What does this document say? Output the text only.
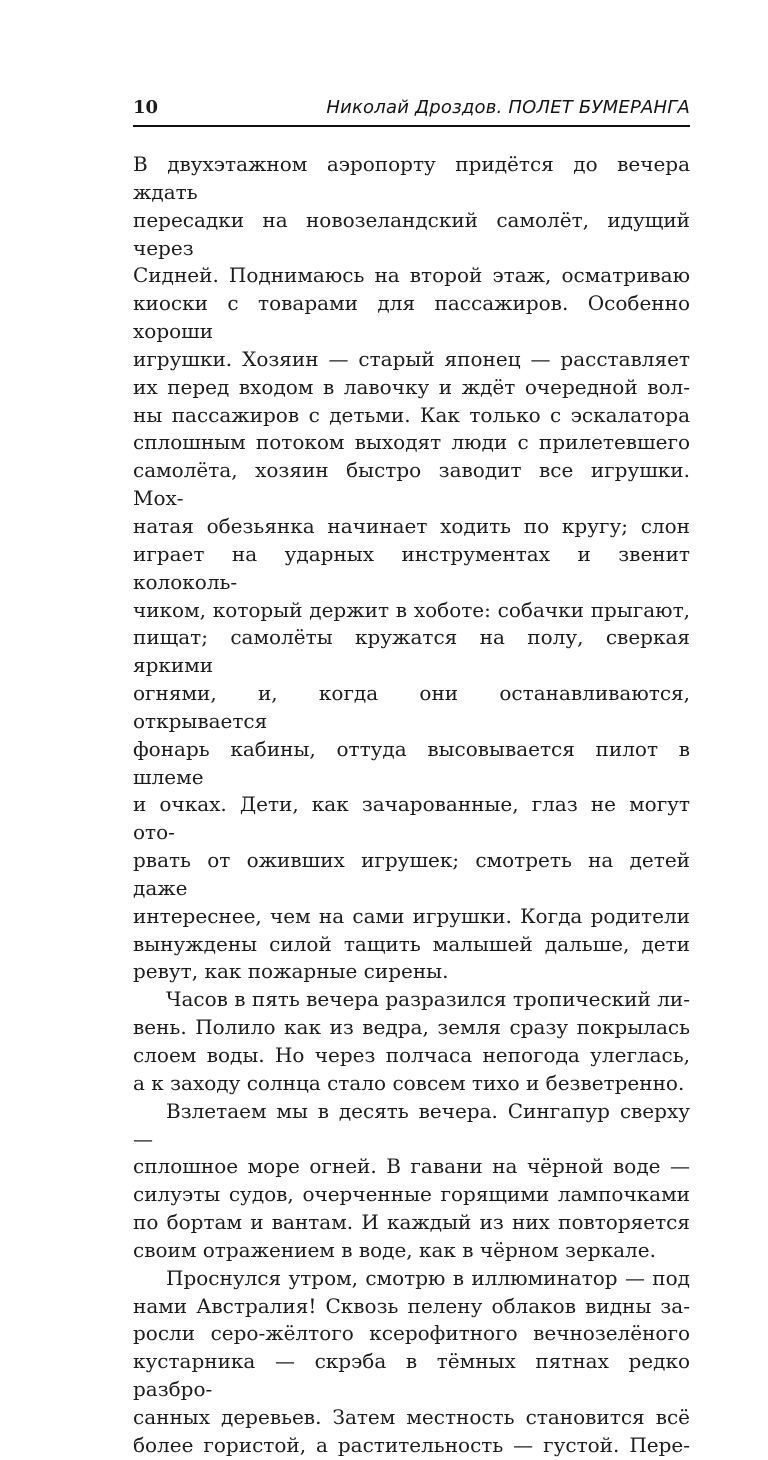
10	Николай Дроздов. ПОЛЕТ БУМЕРАНГА
В двухэтажном аэропорту придётся до вечера ждать
пересадки на новозеландский самолёт, идущий через
Сидней. Поднимаюсь на второй этаж, осматриваю
киоски с товарами для пассажиров. Особенно хороши
игрушки. Хозяин — старый японец — расставляет
их перед входом в лавочку и ждёт очередной вол-
ны пассажиров с детьми. Как только с эскалатора
сплошным потоком выходят люди с прилетевшего
самолёта, хозяин быстро заводит все игрушки. Мох-
натая обезьянка начинает ходить по кругу; слон
играет на ударных инструментах и звенит колоколь-
чиком, который держит в хоботе: собачки прыгают,
пищат; самолёты кружатся на полу, сверкая яркими
огнями, и, когда они останавливаются, открывается
фонарь кабины, оттуда высовывается пилот в шлеме
и очках. Дети, как зачарованные, глаз не могут ото-
рвать от оживших игрушек; смотреть на детей даже
интереснее, чем на сами игрушки. Когда родители
вынуждены силой тащить малышей дальше, дети
ревут, как пожарные сирены.
Часов в пять вечера разразился тропический ли-
вень. Полило как из ведра, земля сразу покрылась
слоем воды. Но через полчаса непогода улеглась,
а к заходу солнца стало совсем тихо и безветренно.
Взлетаем мы в десять вечера. Сингапур сверху —
сплошное море огней. В гавани на чёрной воде —
силуэты судов, очерченные горящими лампочками
по бортам и вантам. И каждый из них повторяется
своим отражением в воде, как в чёрном зеркале.
Проснулся утром, смотрю в иллюминатор — под
нами Австралия! Сквозь пелену облаков видны за-
росли серо-жёлтого ксерофитного вечнозелёного
кустарника — скрэба в тёмных пятнах редко разбро-
санных деревьев. Затем местность становится всё
более гористой, а растительность — густой. Пере-
